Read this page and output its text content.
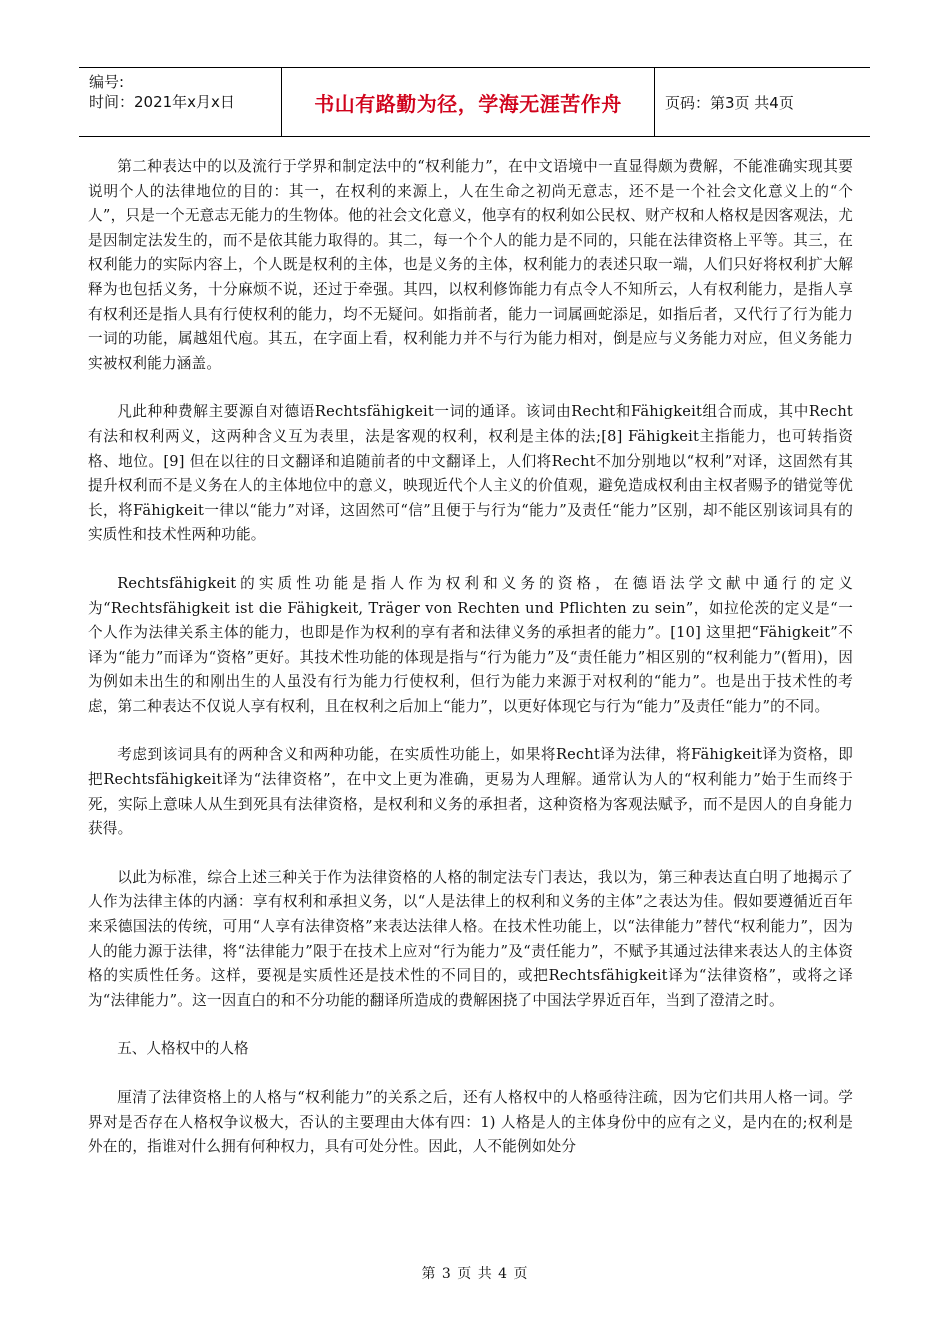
编号:
时间：2021年x月x日	书山有路勤为径，学海无涯苦作舟	页码：第3页 共4页

第二种表达中的以及流行于学界和制定法中的“权利能力”，在中文语境中一直显得颇为费解，不能准确实现其要说明个人的法律地位的目的：其一，在权利的来源上，人在生命之初尚无意志，还不是一个社会文化意义上的“个人”，只是一个无意志无能力的生物体。他的社会文化意义，他享有的权利如公民权、财产权和人格权是因客观法，尤是因制定法发生的，而不是依其能力取得的。其二，每一个个人的能力是不同的，只能在法律资格上平等。其三，在权利能力的实际内容上，个人既是权利的主体，也是义务的主体，权利能力的表述只取一端，人们只好将权利扩大解释为也包括义务，十分麻烦不说，还过于牵强。其四，以权利修饰能力有点令人不知所云，人有权利能力，是指人享有权利还是指人具有行使权利的能力，均不无疑问。如指前者，能力一词属画蛇添足，如指后者，又代行了行为能力一词的功能，属越俎代庖。其五，在字面上看，权利能力并不与行为能力相对，倒是应与义务能力对应，但义务能力实被权利能力涵盖。

凡此种种费解主要源自对德语Rechtsfähigkeit一词的通译。该词由Recht和Fähigkeit组合而成，其中Recht有法和权利两义，这两种含义互为表里，法是客观的权利，权利是主体的法;[8] Fähigkeit主指能力，也可转指资格、地位。[9] 但在以往的日文翻译和追随前者的中文翻译上，人们将Recht不加分别地以“权利”对译，这固然有其提升权利而不是义务在人的主体地位中的意义，映现近代个人主义的价值观，避免造成权利由主权者赐予的错觉等优长，将Fähigkeit一律以“能力”对译，这固然可“信”且便于与行为“能力”及责任“能力”区别，却不能区别该词具有的实质性和技术性两种功能。

Rechtsfähigkeit的实质性功能是指人作为权利和义务的资格，在德语法学文献中通行的定义为“Rechtsfähigkeit ist die Fähigkeit, Träger von Rechten und Pflichten zu sein”，如拉伦茨的定义是“一个人作为法律关系主体的能力，也即是作为权利的享有者和法律义务的承担者的能力”。[10] 这里把“Fähigkeit”不译为“能力”而译为“资格”更好。其技术性功能的体现是指与“行为能力”及“责任能力”相区别的“权利能力”(暂用)，因为例如未出生的和刚出生的人虽没有行为能力行使权利，但行为能力来源于对权利的“能力”。也是出于技术性的考虑，第二种表达不仅说人享有权利，且在权利之后加上“能力”，以更好体现它与行为“能力”及责任“能力”的不同。

考虑到该词具有的两种含义和两种功能，在实质性功能上，如果将Recht译为法律，将Fähigkeit译为资格，即把Rechtsfähigkeit译为“法律资格”，在中文上更为准确，更易为人理解。通常认为人的“权利能力”始于生而终于死，实际上意味人从生到死具有法律资格，是权利和义务的承担者，这种资格为客观法赋予，而不是因人的自身能力获得。

以此为标准，综合上述三种关于作为法律资格的人格的制定法专门表达，我以为，第三种表达直白明了地揭示了人作为法律主体的内涵：享有权利和承担义务，以“人是法律上的权利和义务的主体”之表达为佳。假如要遵循近百年来采德国法的传统，可用“人享有法律资格”来表达法律人格。在技术性功能上，以“法律能力”替代“权利能力”，因为人的能力源于法律，将“法律能力”限于在技术上应对“行为能力”及“责任能力”，不赋予其通过法律来表达人的主体资格的实质性任务。这样，要视是实质性还是技术性的不同目的，或把Rechtsfähigkeit译为“法律资格”，或将之译为“法律能力”。这一因直白的和不分功能的翻译所造成的费解困挠了中国法学界近百年，当到了澄清之时。

五、人格权中的人格

厘清了法律资格上的人格与“权利能力”的关系之后，还有人格权中的人格亟待注疏，因为它们共用人格一词。学界对是否存在人格权争议极大，否认的主要理由大体有四：1) 人格是人的主体身份中的应有之义，是内在的;权利是外在的，指谁对什么拥有何种权力，具有可处分性。因此，人不能例如处分

第 3 页 共 4 页
